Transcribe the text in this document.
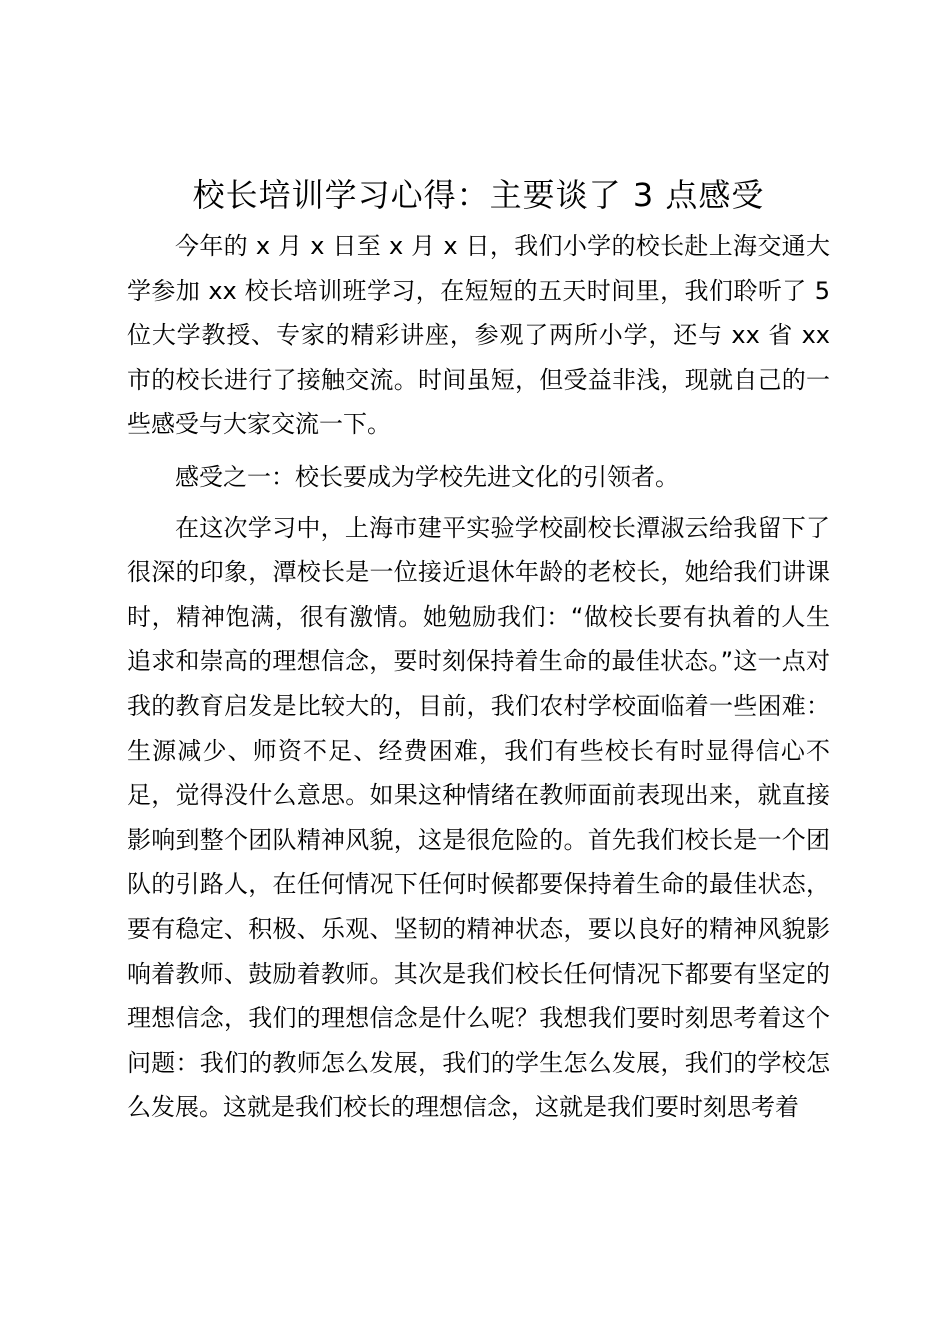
校长培训学习心得：主要谈了 3 点感受

今年的 x 月 x 日至 x 月 x 日，我们小学的校长赴上海交通大学参加 xx 校长培训班学习，在短短的五天时间里，我们聆听了 5 位大学教授、专家的精彩讲座，参观了两所小学，还与 xx 省 xx 市的校长进行了接触交流。时间虽短，但受益非浅，现就自己的一些感受与大家交流一下。

感受之一：校长要成为学校先进文化的引领者。

在这次学习中，上海市建平实验学校副校长潭淑云给我留下了很深的印象，潭校长是一位接近退休年龄的老校长，她给我们讲课时，精神饱满，很有激情。她勉励我们：“做校长要有执着的人生追求和崇高的理想信念，要时刻保持着生命的最佳状态。”这一点对我的教育启发是比较大的，目前，我们农村学校面临着一些困难：生源减少、师资不足、经费困难，我们有些校长有时显得信心不足，觉得没什么意思。如果这种情绪在教师面前表现出来，就直接影响到整个团队精神风貌，这是很危险的。首先我们校长是一个团队的引路人，在任何情况下任何时候都要保持着生命的最佳状态，要有稳定、积极、乐观、坚韧的精神状态，要以良好的精神风貌影响着教师、鼓励着教师。其次是我们校长任何情况下都要有坚定的理想信念，我们的理想信念是什么呢？我想我们要时刻思考着这个问题：我们的教师怎么发展，我们的学生怎么发展，我们的学校怎么发展。这就是我们校长的理想信念，这就是我们要时刻思考着
